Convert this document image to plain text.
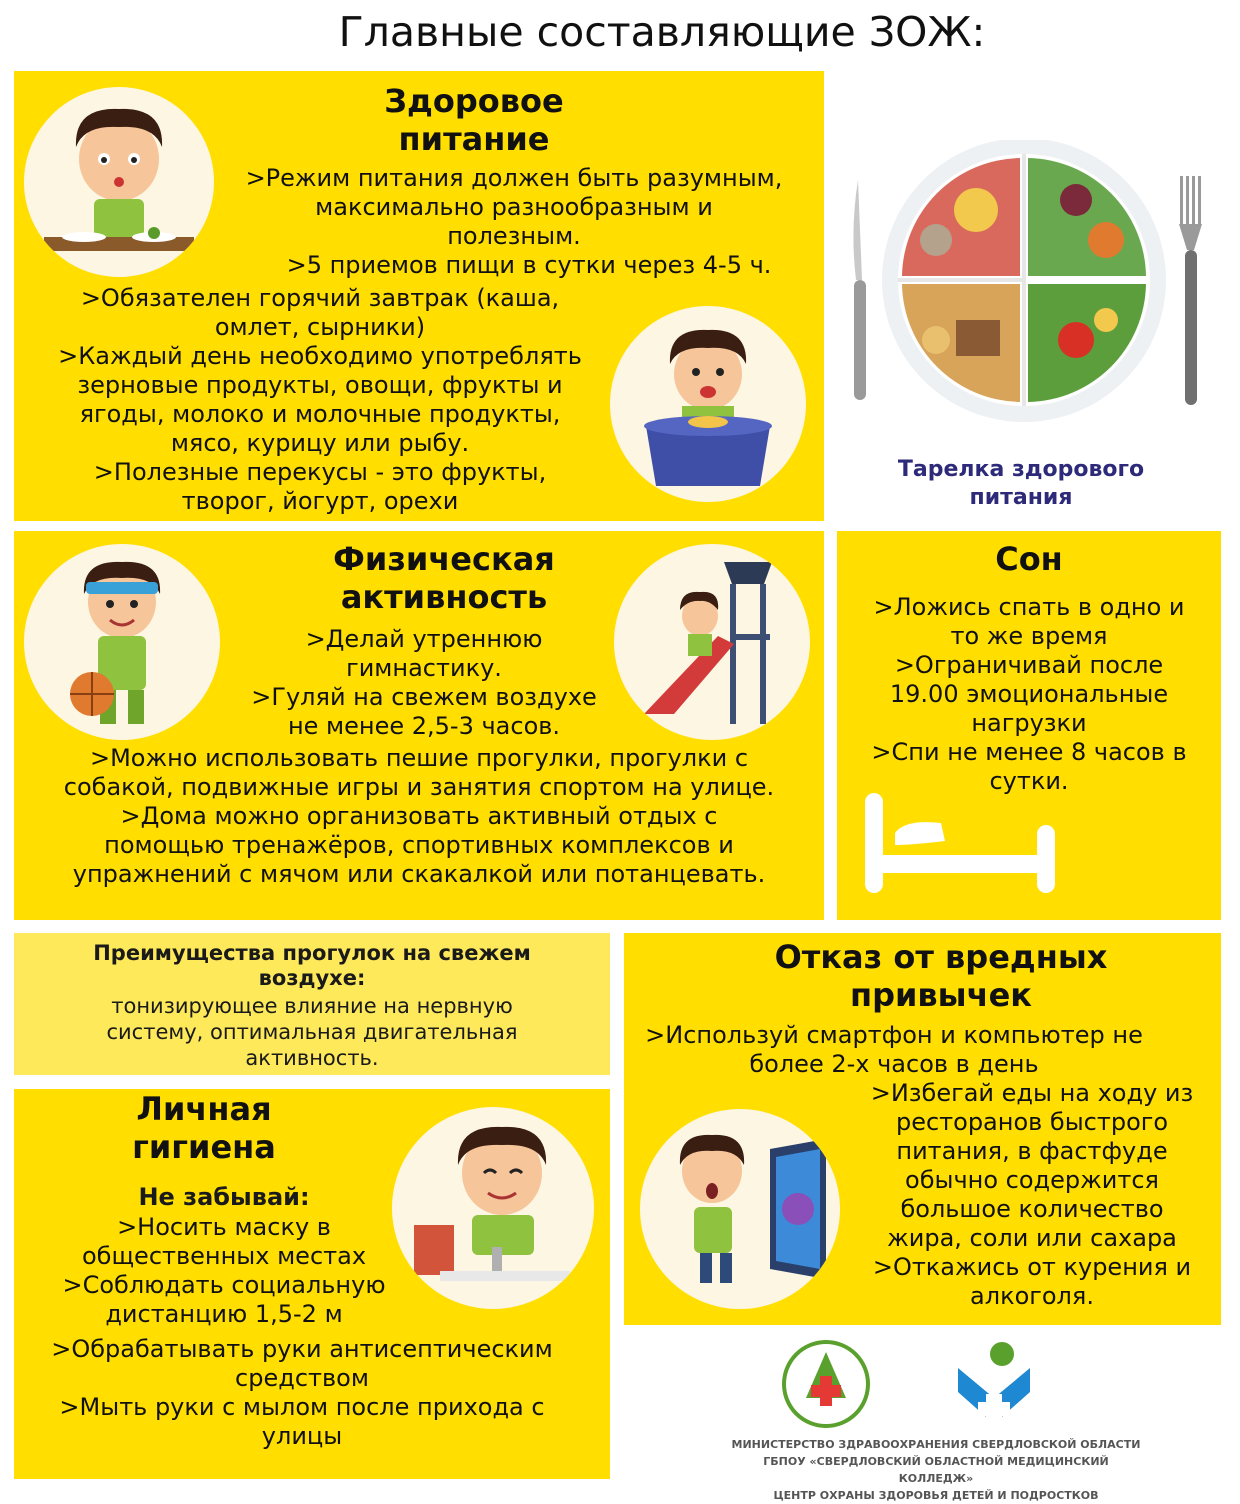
Главные составляющие ЗОЖ:
Здоровое
питание
>Режим питания должен быть разумным,
максимально разнообразным и
полезным.
>5 приемов пищи в сутки через 4-5 ч.
>Обязателен горячий завтрак (каша,
омлет, сырники)
>Каждый день необходимо употреблять
зерновые продукты, овощи, фрукты и
ягоды, молоко и молочные продукты,
мясо, курицу или рыбу.
>Полезные перекусы - это фрукты,
творог, йогурт, орехи
Тарелка здорового
питания
Физическая
активность
>Делай утреннюю
гимнастику.
>Гуляй на свежем воздухе
не менее 2,5-3 часов.
>Можно использовать пешие прогулки, прогулки с
собакой, подвижные игры и занятия спортом на улице.
>Дома можно организовать активный отдых с
помощью тренажёров, спортивных комплексов и
упражнений с мячом или скакалкой или потанцевать.
Сон
>Ложись спать в одно и
то же время
>Ограничивай после
19.00 эмоциональные
нагрузки
>Спи не менее 8 часов в
сутки.
Преимущества прогулок на свежем
воздухе:
тонизирующее влияние на нервную
систему, оптимальная двигательная
активность.
Личная
гигиена
Не забывай:
>Носить маску в
общественных местах
>Соблюдать социальную
дистанцию 1,5-2 м
>Обрабатывать руки антисептическим
средством
>Мыть руки с мылом после прихода с
улицы
Отказ от вредных
привычек
>Используй смартфон и компьютер не
более 2-х часов в день
>Избегай еды на ходу из
ресторанов быстрого
питания, в фастфуде
обычно содержится
большое количество
жира, соли или сахара
>Откажись от курения и
алкоголя.
МИНИСТЕРСТВО ЗДРАВООХРАНЕНИЯ СВЕРДЛОВСКОЙ ОБЛАСТИ
ГБПОУ «СВЕРДЛОВСКИЙ ОБЛАСТНОЙ МЕДИЦИНСКИЙ КОЛЛЕДЖ»
ЦЕНТР ОХРАНЫ ЗДОРОВЬЯ ДЕТЕЙ И ПОДРОСТКОВ
